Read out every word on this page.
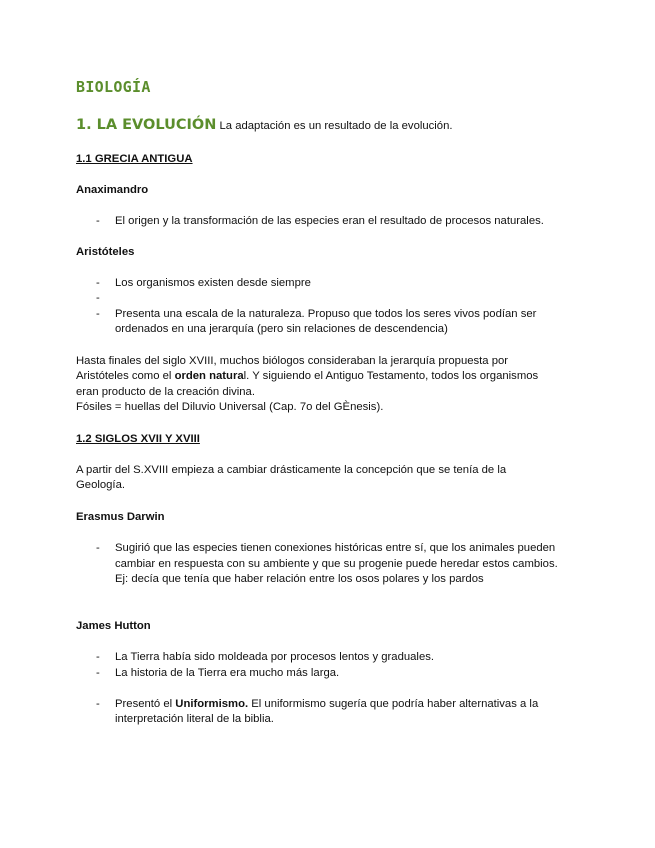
BIOLOGÍA
1. LA EVOLUCIÓN La adaptación es un resultado de la evolución.
1.1 GRECIA ANTIGUA
Anaximandro
- El origen y la transformación de las especies eran el resultado de procesos naturales.
Aristóteles
- Los organismos existen desde siempre
-
- Presenta una escala de la naturaleza. Propuso que todos los seres vivos podían ser
ordenados en una jerarquía (pero sin relaciones de descendencia)
Hasta finales del siglo XVIII, muchos biólogos consideraban la jerarquía propuesta por
Aristóteles como el orden natural. Y siguiendo el Antiguo Testamento, todos los organismos
eran producto de la creación divina.
Fósiles = huellas del Diluvio Universal (Cap. 7o del GÈnesis).
1.2 SIGLOS XVII Y XVIII
A partir del S.XVIII empieza a cambiar drásticamente la concepción que se tenía de la
Geología.
Erasmus Darwin
- Sugirió que las especies tienen conexiones históricas entre sí, que los animales pueden
cambiar en respuesta con su ambiente y que su progenie puede heredar estos cambios.
Ej: decía que tenía que haber relación entre los osos polares y los pardos
James Hutton
- La Tierra había sido moldeada por procesos lentos y graduales.
- La historia de la Tierra era mucho más larga.
- Presentó el Uniformismo. El uniformismo sugería que podría haber alternativas a la
interpretación literal de la biblia.
